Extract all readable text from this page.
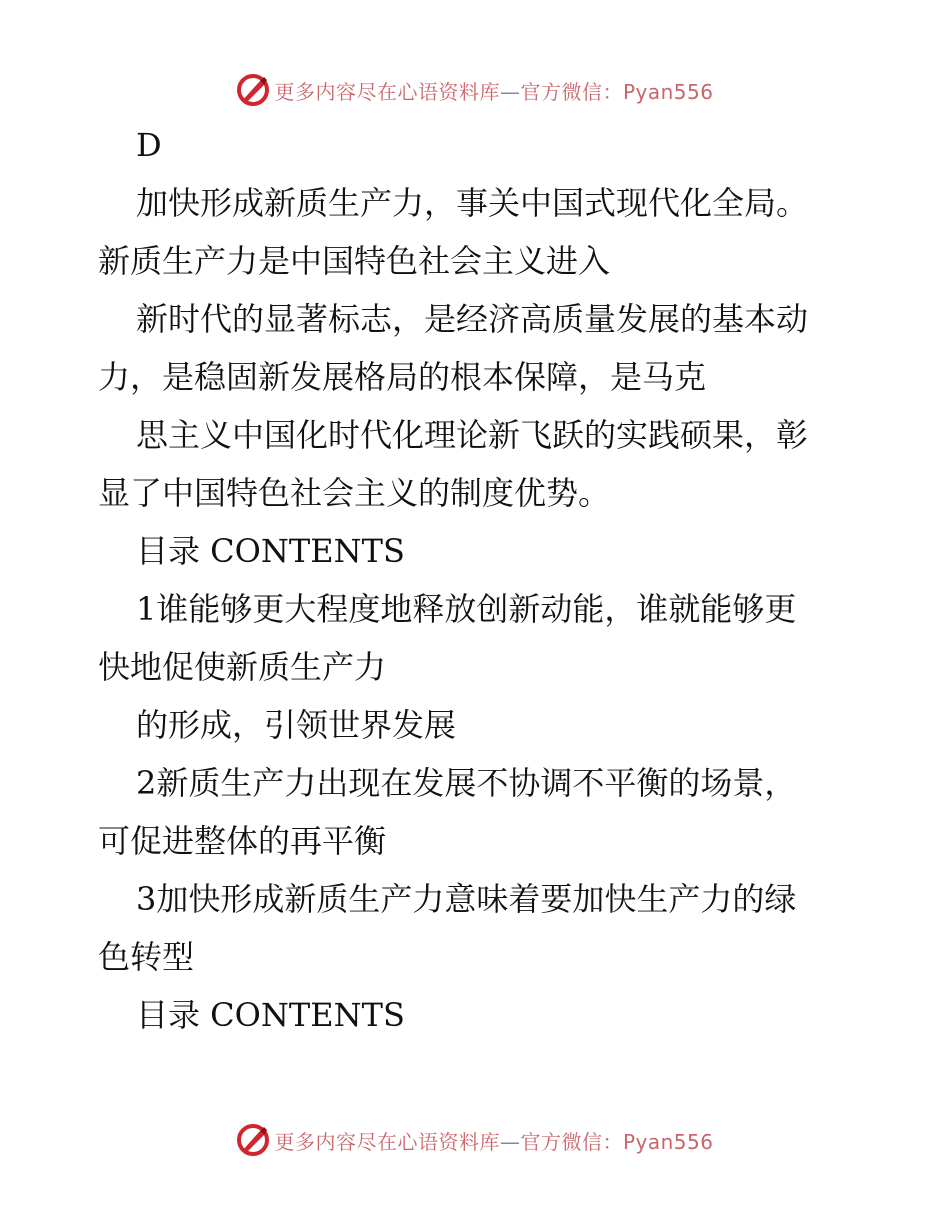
更多内容尽在心语资料库—官方微信：Pyan556

D

加快形成新质生产力，事关中国式现代化全局。

新质生产力是中国特色社会主义进入

新时代的显著标志，是经济高质量发展的基本动

力，是稳固新发展格局的根本保障，是马克

思主义中国化时代化理论新飞跃的实践硕果，彰

显了中国特色社会主义的制度优势。

目录 CONTENTS

1谁能够更大程度地释放创新动能，谁就能够更

快地促使新质生产力

的形成，引领世界发展

2新质生产力出现在发展不协调不平衡的场景，

可促进整体的再平衡

3加快形成新质生产力意味着要加快生产力的绿

色转型

目录 CONTENTS

更多内容尽在心语资料库—官方微信：Pyan556
